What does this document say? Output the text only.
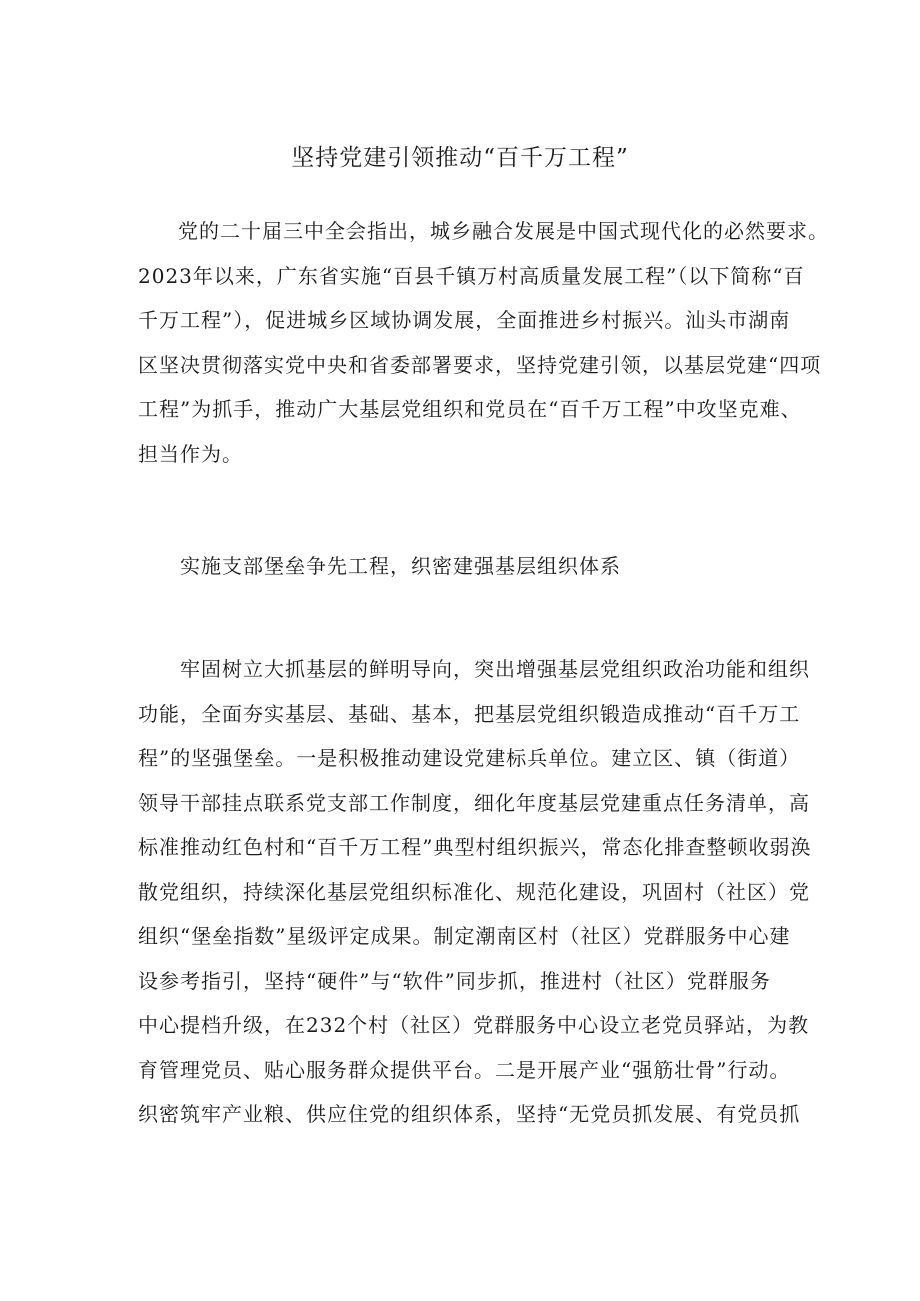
坚持党建引领推动“百千万工程”
党的二十届三中全会指出，城乡融合发展是中国式现代化的必然要求。
2023年以来，广东省实施“百县千镇万村高质量发展工程”（以下简称“百
千万工程”），促进城乡区域协调发展，全面推进乡村振兴。汕头市湖南
区坚决贯彻落实党中央和省委部署要求，坚持党建引领，以基层党建“四项
工程”为抓手，推动广大基层党组织和党员在“百千万工程”中攻坚克难、
担当作为。
实施支部堡垒争先工程，织密建强基层组织体系
牢固树立大抓基层的鲜明导向，突出增强基层党组织政治功能和组织
功能，全面夯实基层、基础、基本，把基层党组织锻造成推动“百千万工
程”的坚强堡垒。一是积极推动建设党建标兵单位。建立区、镇（街道）
领导干部挂点联系党支部工作制度，细化年度基层党建重点任务清单，高
标准推动红色村和“百千万工程”典型村组织振兴，常态化排查整顿收弱涣
散党组织，持续深化基层党组织标准化、规范化建设，巩固村（社区）党
组织“堡垒指数”星级评定成果。制定潮南区村（社区）党群服务中心建
设参考指引，坚持“硬件”与“软件”同步抓，推进村（社区）党群服务
中心提档升级，在232个村（社区）党群服务中心设立老党员驿站，为教
育管理党员、贴心服务群众提供平台。二是开展产业“强筋壮骨”行动。
织密筑牢产业粮、供应住党的组织体系，坚持“无党员抓发展、有党员抓
